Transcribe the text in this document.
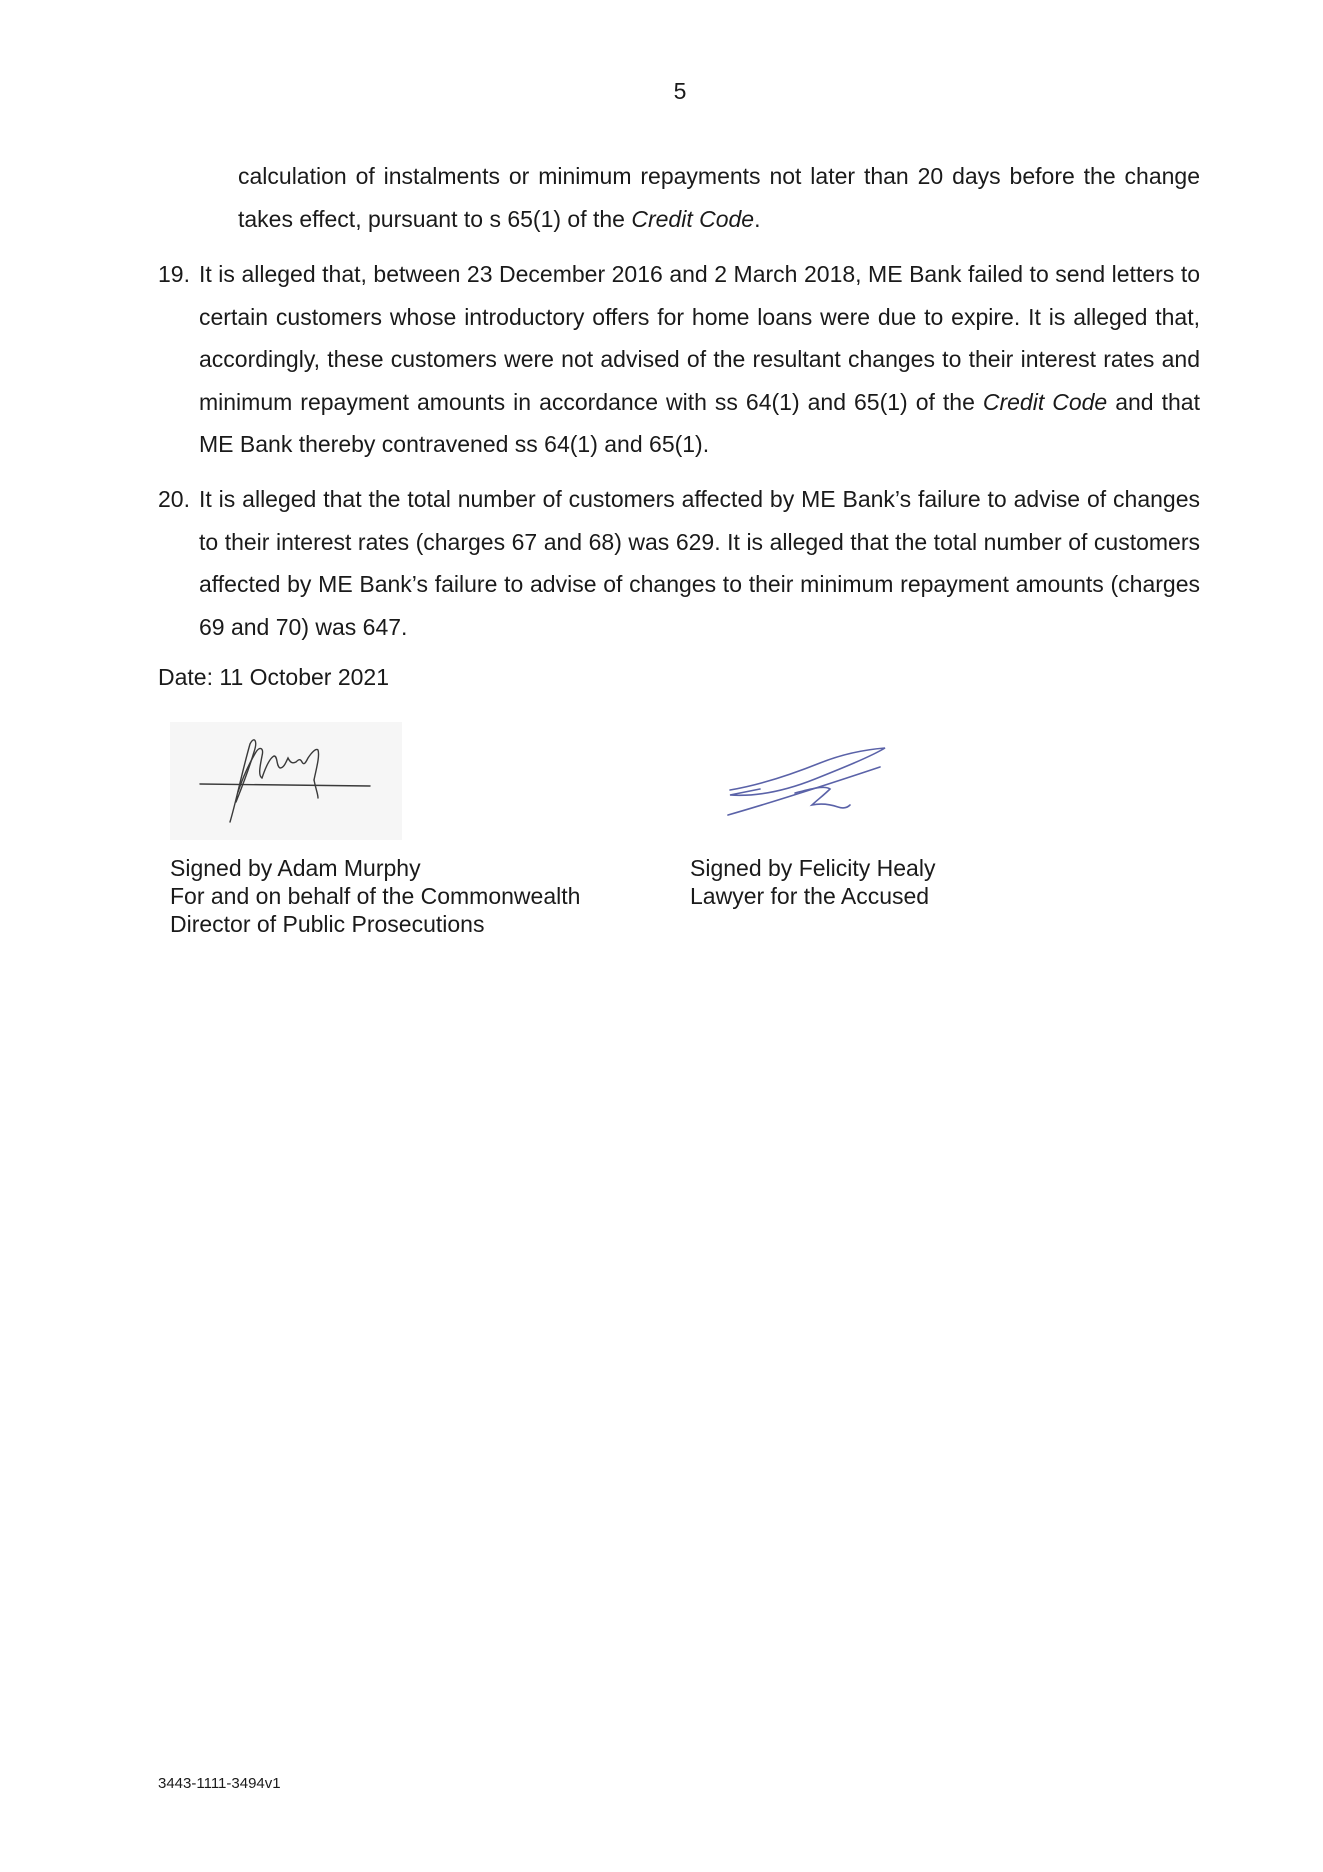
5
calculation of instalments or minimum repayments not later than 20 days before the change takes effect, pursuant to s 65(1) of the Credit Code.
19. It is alleged that, between 23 December 2016 and 2 March 2018, ME Bank failed to send letters to certain customers whose introductory offers for home loans were due to expire. It is alleged that, accordingly, these customers were not advised of the resultant changes to their interest rates and minimum repayment amounts in accordance with ss 64(1) and 65(1) of the Credit Code and that ME Bank thereby contravened ss 64(1) and 65(1).

20. It is alleged that the total number of customers affected by ME Bank’s failure to advise of changes to their interest rates (charges 67 and 68) was 629. It is alleged that the total number of customers affected by ME Bank’s failure to advise of changes to their minimum repayment amounts (charges 69 and 70) was 647.

Date: 11 October 2021
Signed by Adam Murphy
For and on behalf of the Commonwealth
Director of Public Prosecutions
Signed by Felicity Healy
Lawyer for the Accused
3443-1111-3494v1
